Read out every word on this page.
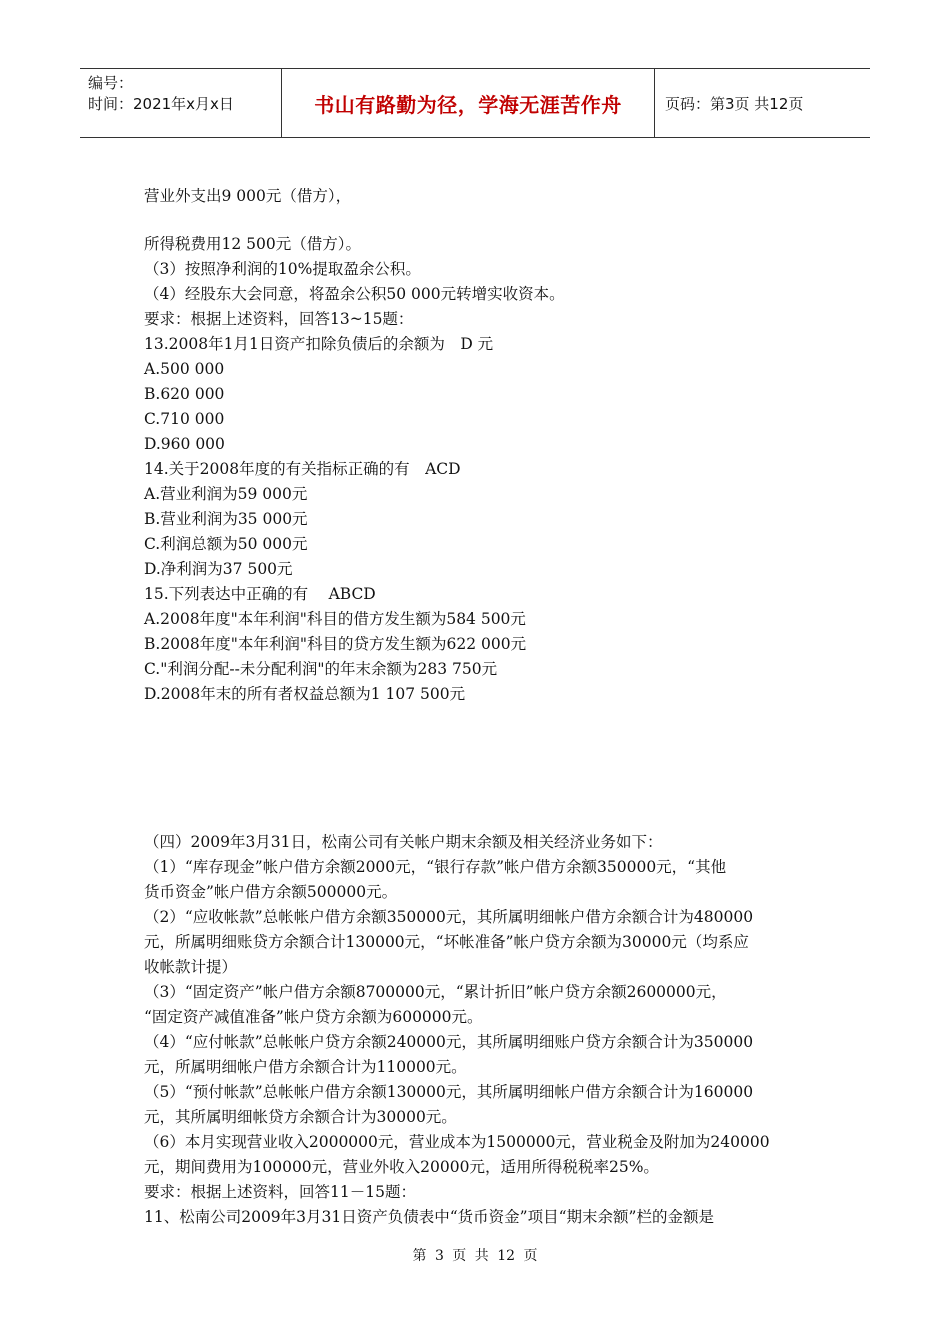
编号：
时间：2021年x月x日	书山有路勤为径，学海无涯苦作舟	页码：第3页 共12页
营业外支出9 000元（借方），
所得税费用12 500元（借方）。
（3）按照净利润的10%提取盈余公积。
（4）经股东大会同意，将盈余公积50 000元转增实收资本。
要求：根据上述资料，回答13~15题：
13.2008年1月1日资产扣除负债后的余额为　D 元
A.500 000
B.620 000
C.710 000
D.960 000
14.关于2008年度的有关指标正确的有　ACD
A.营业利润为59 000元
B.营业利润为35 000元
C.利润总额为50 000元
D.净利润为37 500元
15.下列表达中正确的有　 ABCD
A.2008年度"本年利润"科目的借方发生额为584 500元
B.2008年度"本年利润"科目的贷方发生额为622 000元
C."利润分配--未分配利润"的年末余额为283 750元
D.2008年末的所有者权益总额为1 107 500元
（四）2009年3月31日，松南公司有关帐户期末余额及相关经济业务如下：
（1）“库存现金”帐户借方余额2000元，“银行存款”帐户借方余额350000元，“其他
货币资金”帐户借方余额500000元。
（2）“应收帐款”总帐帐户借方余额350000元，其所属明细帐户借方余额合计为480000
元，所属明细账贷方余额合计130000元，“坏帐准备”帐户贷方余额为30000元（均系应
收帐款计提）
（3）“固定资产”帐户借方余额8700000元，“累计折旧”帐户贷方余额2600000元，
“固定资产减值准备”帐户贷方余额为600000元。
（4）“应付帐款”总帐帐户贷方余额240000元，其所属明细账户贷方余额合计为350000
元，所属明细帐户借方余额合计为110000元。
（5）“预付帐款”总帐帐户借方余额130000元，其所属明细帐户借方余额合计为160000
元，其所属明细帐贷方余额合计为30000元。
（6）本月实现营业收入2000000元，营业成本为1500000元，营业税金及附加为240000
元，期间费用为100000元，营业外收入20000元，适用所得税税率25%。
要求：根据上述资料，回答11－15题：
11、松南公司2009年3月31日资产负债表中“货币资金”项目“期末余额”栏的金额是
第 3 页 共 12 页
